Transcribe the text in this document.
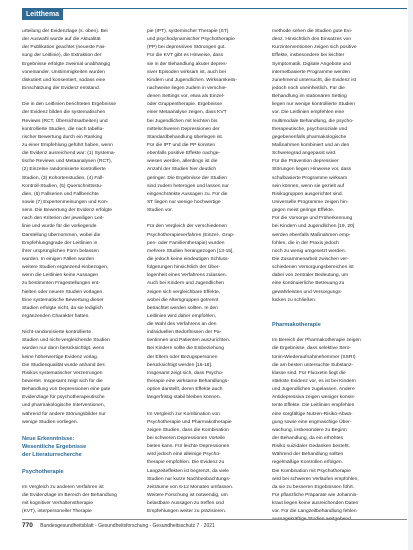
Leitthema
urteilung der Evidenzlage (s. oben). Bei
der Auswahl wurde auf die Aktualität
der Publikation geachtet (neueste Fas-
sung der Leitlinie), die Extraktion der
Ergebnisse erfolgte zweimal unabhängig
voneinander, Unstimmigkeiten wurden
diskutiert und konsentiert, sodass eine
Einschätzung der Evidenz entstand.
Die in den Leitlinien berichteten Ergebnisse
der Evidenz bilden die systematischen
Reviews (RCT, Übersichtsarbeiten) und
kontrollierte Studien, die nach tabella-
rischer Bewertung durch ein Ranking
zu einer Empfehlung geführt haben, wenn
die Evidenz ausreichend war: (1) Systema-
tische Reviews und Metaanalysen (RCT),
(2) Einzelne randomisierte kontrollierte
Studien, (3) Kohortenstudien, (4) Fall-
Kontroll-Studien, (5) Querschnittsstu-
dien, (6) Fallserien und Fallberichte
sowie (7) Expertenmeinungen und Kon-
sens. Die Bewertung der Evidenz erfolgte
nach den Kriterien der jeweiligen Leit-
linie und wurde für die vorliegende
Darstellung übernommen, wobei die
Empfehlungsgrade der Leitlinien in
ihrer ursprünglichen Form belassen
wurden. In einigen Fällen wurden
weitere Studien ergänzend einbezogen,
wenn die Leitlinien keine Aussagen
zu bestimmten Fragestellungen ent-
hielten oder neuere Studien vorlagen.
Eine systematische Bewertung dieser
Studien erfolgte nicht, da sie lediglich
ergänzenden Charakter hatten.
Nicht-randomisierte kontrollierte
Studien und nicht-vergleichende Studien
wurden nur dann berücksichtigt, wenn
keine höherwertige Evidenz vorlag.
Die Studienqualität wurde anhand des
Risikos systematischer Verzerrungen
bewertet. Insgesamt zeigt sich für die
Behandlung von Depressionen eine gute
Evidenzlage für psychotherapeutische
und pharmakologische Interventionen,
während für andere Störungsbilder nur
wenige Studien vorliegen.
Neue Erkenntnisse:
Wesentliche Ergebnisse
der Literaturrecherche
Psychotherapie
Im Vergleich zu anderen Verfahren ist
die Evidenzlage im Bereich der Behandlung
mit kognitiver Verhaltenstherapie
(KVT), interpersoneller Therapie
pie (IPT), systemischer Therapie (ST)
und psychodynamischer Psychotherapie
(PP) bei depressiven Störungen gut.
Für die KVT gibt es Hinweise, dass
sie in der Behandlung akuter depres-
siver Episoden wirksam ist, auch bei
Kindern und Jugendlichen. Wirksamkeits-
nachweise liegen zudem in verschie-
denen Settings vor, etwa als Einzel-
oder Gruppentherapie. Ergebnisse
einer Metaanalyse zeigen, dass KVT
bei Jugendlichen mit leichten bis
mittelschweren Depressionen der
Standardbehandlung überlegen ist.
Für die IPT und die PP konnten
ebenfalls positive Effekte nachge-
wiesen werden, allerdings ist die
Anzahl der Studien hier deutlich
geringer. Die Ergebnisse der Studien
sind zudem heterogen und lassen nur
eingeschränkte Aussagen zu. Für die
ST liegen nur wenige hochwertige
Studien vor.
Für den Vergleich der verschiedenen
Psychotherapieverfahren (Einzel-, Grup-
pen- oder Familientherapie) wurden
mehrere Studien herangezogen [13-15],
die jedoch keine eindeutigen Schluss-
folgerungen hinsichtlich der Über-
legenheit eines Verfahrens zulassen.
Auch bei Kindern und Jugendlichen
zeigen sich vergleichbare Effekte,
wobei die Altersgruppen getrennt
betrachtet werden sollten. In den
Leitlinien wird daher empfohlen,
die Wahl des Verfahrens an den
individuellen Bedürfnissen der Pa-
tientinnen und Patienten auszurichten.
Bei Kindern sollte die Einbeziehung
der Eltern oder Bezugspersonen
berücksichtigt werden [16-18].
Insgesamt zeigt sich, dass Psycho-
therapie eine wirksame Behandlungs-
option darstellt, deren Effekte auch
längerfristig stabil bleiben können.
Im Vergleich zur Kombination von
Psychotherapie und Pharmakotherapie
zeigen Studien, dass die Kombination
bei schweren Depressionen Vorteile
bieten kann. Für leichte Depressionen
wird jedoch eine alleinige Psycho-
therapie empfohlen. Die Evidenz zu
Langzeiteffekten ist begrenzt, da viele
Studien nur kurze Nachbeobachtungs-
zeiträume von 6-12 Monaten umfassen.
Weitere Forschung ist notwendig, um
belastbare Aussagen zu treffen und
Empfehlungen weiter zu präzisieren.
methode sehen die Studien gute Evi-
denz. Hinsichtlich des Einsatzes von
Kurzinterventionen zeigen sich positive
Effekte, insbesondere bei leichter
Symptomatik. Digitale Angebote und
internetbasierte Programme werden
zunehmend untersucht, die Evidenz ist
jedoch noch uneinheitlich. Für die
Behandlung im stationären Setting
liegen nur wenige kontrollierte Studien
vor. Die Leitlinien empfehlen eine
multimodale Behandlung, die psycho-
therapeutische, psychosoziale und
gegebenenfalls pharmakologische
Maßnahmen kombiniert und an den
Schweregrad angepasst wird.
Für die Prävention depressiver
Störungen liegen Hinweise vor, dass
schulbasierte Programme wirksam
sein können, wenn sie gezielt auf
Risikogruppen ausgerichtet sind.
Universelle Programme zeigen hin-
gegen meist geringe Effekte.
Für die Vorsorge und Früherkennung
bei Kindern und Jugendlichen [19, 20]
werden ebenfalls Maßnahmen emp-
fohlen, die in der Praxis jedoch
noch zu wenig umgesetzt werden.
Die Zusammenarbeit zwischen ver-
schiedenen Versorgungsbereichen ist
dabei von zentraler Bedeutung, um
eine kontinuierliche Betreuung zu
gewährleisten und Versorgungs-
lücken zu schließen.
Pharmakotherapie
Im Bereich der Pharmakotherapie zeigen
die Ergebnisse, dass selektive Sero-
tonin-Wiederaufnahmehemmer (SSRI)
die am besten untersuchte Substanz-
klasse sind. Für Fluoxetin liegt die
stärkste Evidenz vor, es ist bei Kindern
und Jugendlichen zugelassen. Andere
Antidepressiva zeigen weniger konsis-
tente Effekte. Die Leitlinien empfehlen
eine sorgfältige Nutzen-Risiko-Abwä-
gung sowie eine engmaschige Über-
wachung, insbesondere zu Beginn
der Behandlung, da ein erhöhtes
Risiko suizidaler Gedanken besteht.
Während der Behandlung sollten
regelmäßige Kontrollen erfolgen.
Die Kombination mit Psychotherapie
wird bei schweren Verläufen empfohlen,
da sie zu besseren Ergebnissen führt.
Für pflanzliche Präparate wie Johannis-
kraut liegen keine ausreichenden Daten
vor. Für die Langzeitbehandlung fehlen
aussagekräftige Studien weitgehend.
770 Bundesgesundheitsblatt - Gesundheitsforschung - Gesundheitsschutz 7 · 2021
